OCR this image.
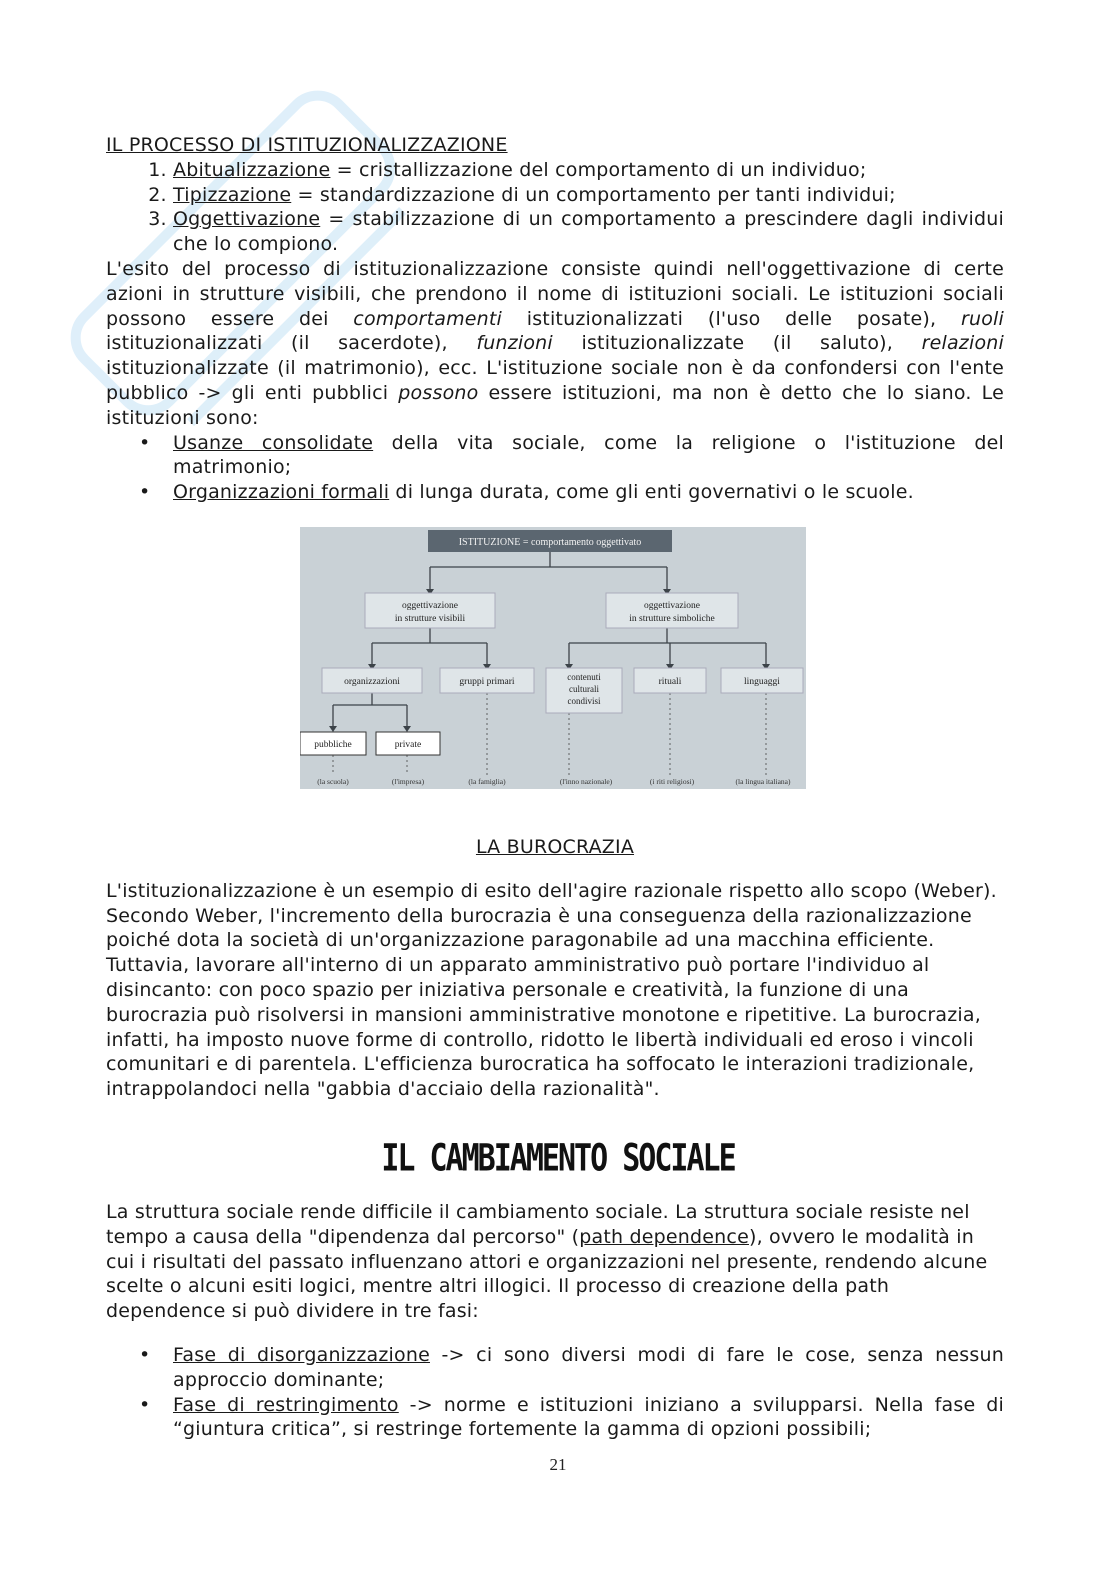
IL PROCESSO DI ISTITUZIONALIZZAZIONE

1. Abitualizzazione = cristallizzazione del comportamento di un individuo;
2. Tipizzazione = standardizzazione di un comportamento per tanti individui;
3. Oggettivazione = stabilizzazione di un comportamento a prescindere dagli individui che lo compiono.

L'esito del processo di istituzionalizzazione consiste quindi nell'oggettivazione di certe azioni in strutture visibili, che prendono il nome di istituzioni sociali. Le istituzioni sociali possono essere dei comportamenti istituzionalizzati (l'uso delle posate), ruoli istituzionalizzati (il sacerdote), funzioni istituzionalizzate (il saluto), relazioni istituzionalizzate (il matrimonio), ecc. L'istituzione sociale non è da confondersi con l'ente pubblico -> gli enti pubblici possono essere istituzioni, ma non è detto che lo siano. Le istituzioni sono:

• Usanze consolidate della vita sociale, come la religione o l'istituzione del matrimonio;
• Organizzazioni formali di lunga durata, come gli enti governativi o le scuole.
ISTITUZIONE = comportamento oggettivato
oggettivazione
in strutture visibili
oggettivazione
in strutture simboliche
organizzazioni	gruppi primari	contenuti
culturali
condivisi
rituali	linguaggi
pubbliche	private
(la scuola)	(l'impresa)	(la famiglia)	(l'inno nazionale)	(i riti religiosi)	(la lingua italiana)

LA BUROCRAZIA

L'istituzionalizzazione è un esempio di esito dell'agire razionale rispetto allo scopo (Weber). Secondo Weber, l'incremento della burocrazia è una conseguenza della razionalizzazione poiché dota la società di un'organizzazione paragonabile ad una macchina efficiente. Tuttavia, lavorare all'interno di un apparato amministrativo può portare l'individuo al disincanto: con poco spazio per iniziativa personale e creatività, la funzione di una burocrazia può risolversi in mansioni amministrative monotone e ripetitive. La burocrazia, infatti, ha imposto nuove forme di controllo, ridotto le libertà individuali ed eroso i vincoli comunitari e di parentela. L'efficienza burocratica ha soffocato le interazioni tradizionale, intrappolandoci nella "gabbia d'acciaio della razionalità".

IL CAMBIAMENTO SOCIALE

La struttura sociale rende difficile il cambiamento sociale. La struttura sociale resiste nel tempo a causa della "dipendenza dal percorso" (path dependence), ovvero le modalità in cui i risultati del passato influenzano attori e organizzazioni nel presente, rendendo alcune scelte o alcuni esiti logici, mentre altri illogici. Il processo di creazione della path dependence si può dividere in tre fasi:

• Fase di disorganizzazione -> ci sono diversi modi di fare le cose, senza nessun approccio dominante;
• Fase di restringimento -> norme e istituzioni iniziano a svilupparsi. Nella fase di “giuntura critica”, si restringe fortemente la gamma di opzioni possibili;
21
